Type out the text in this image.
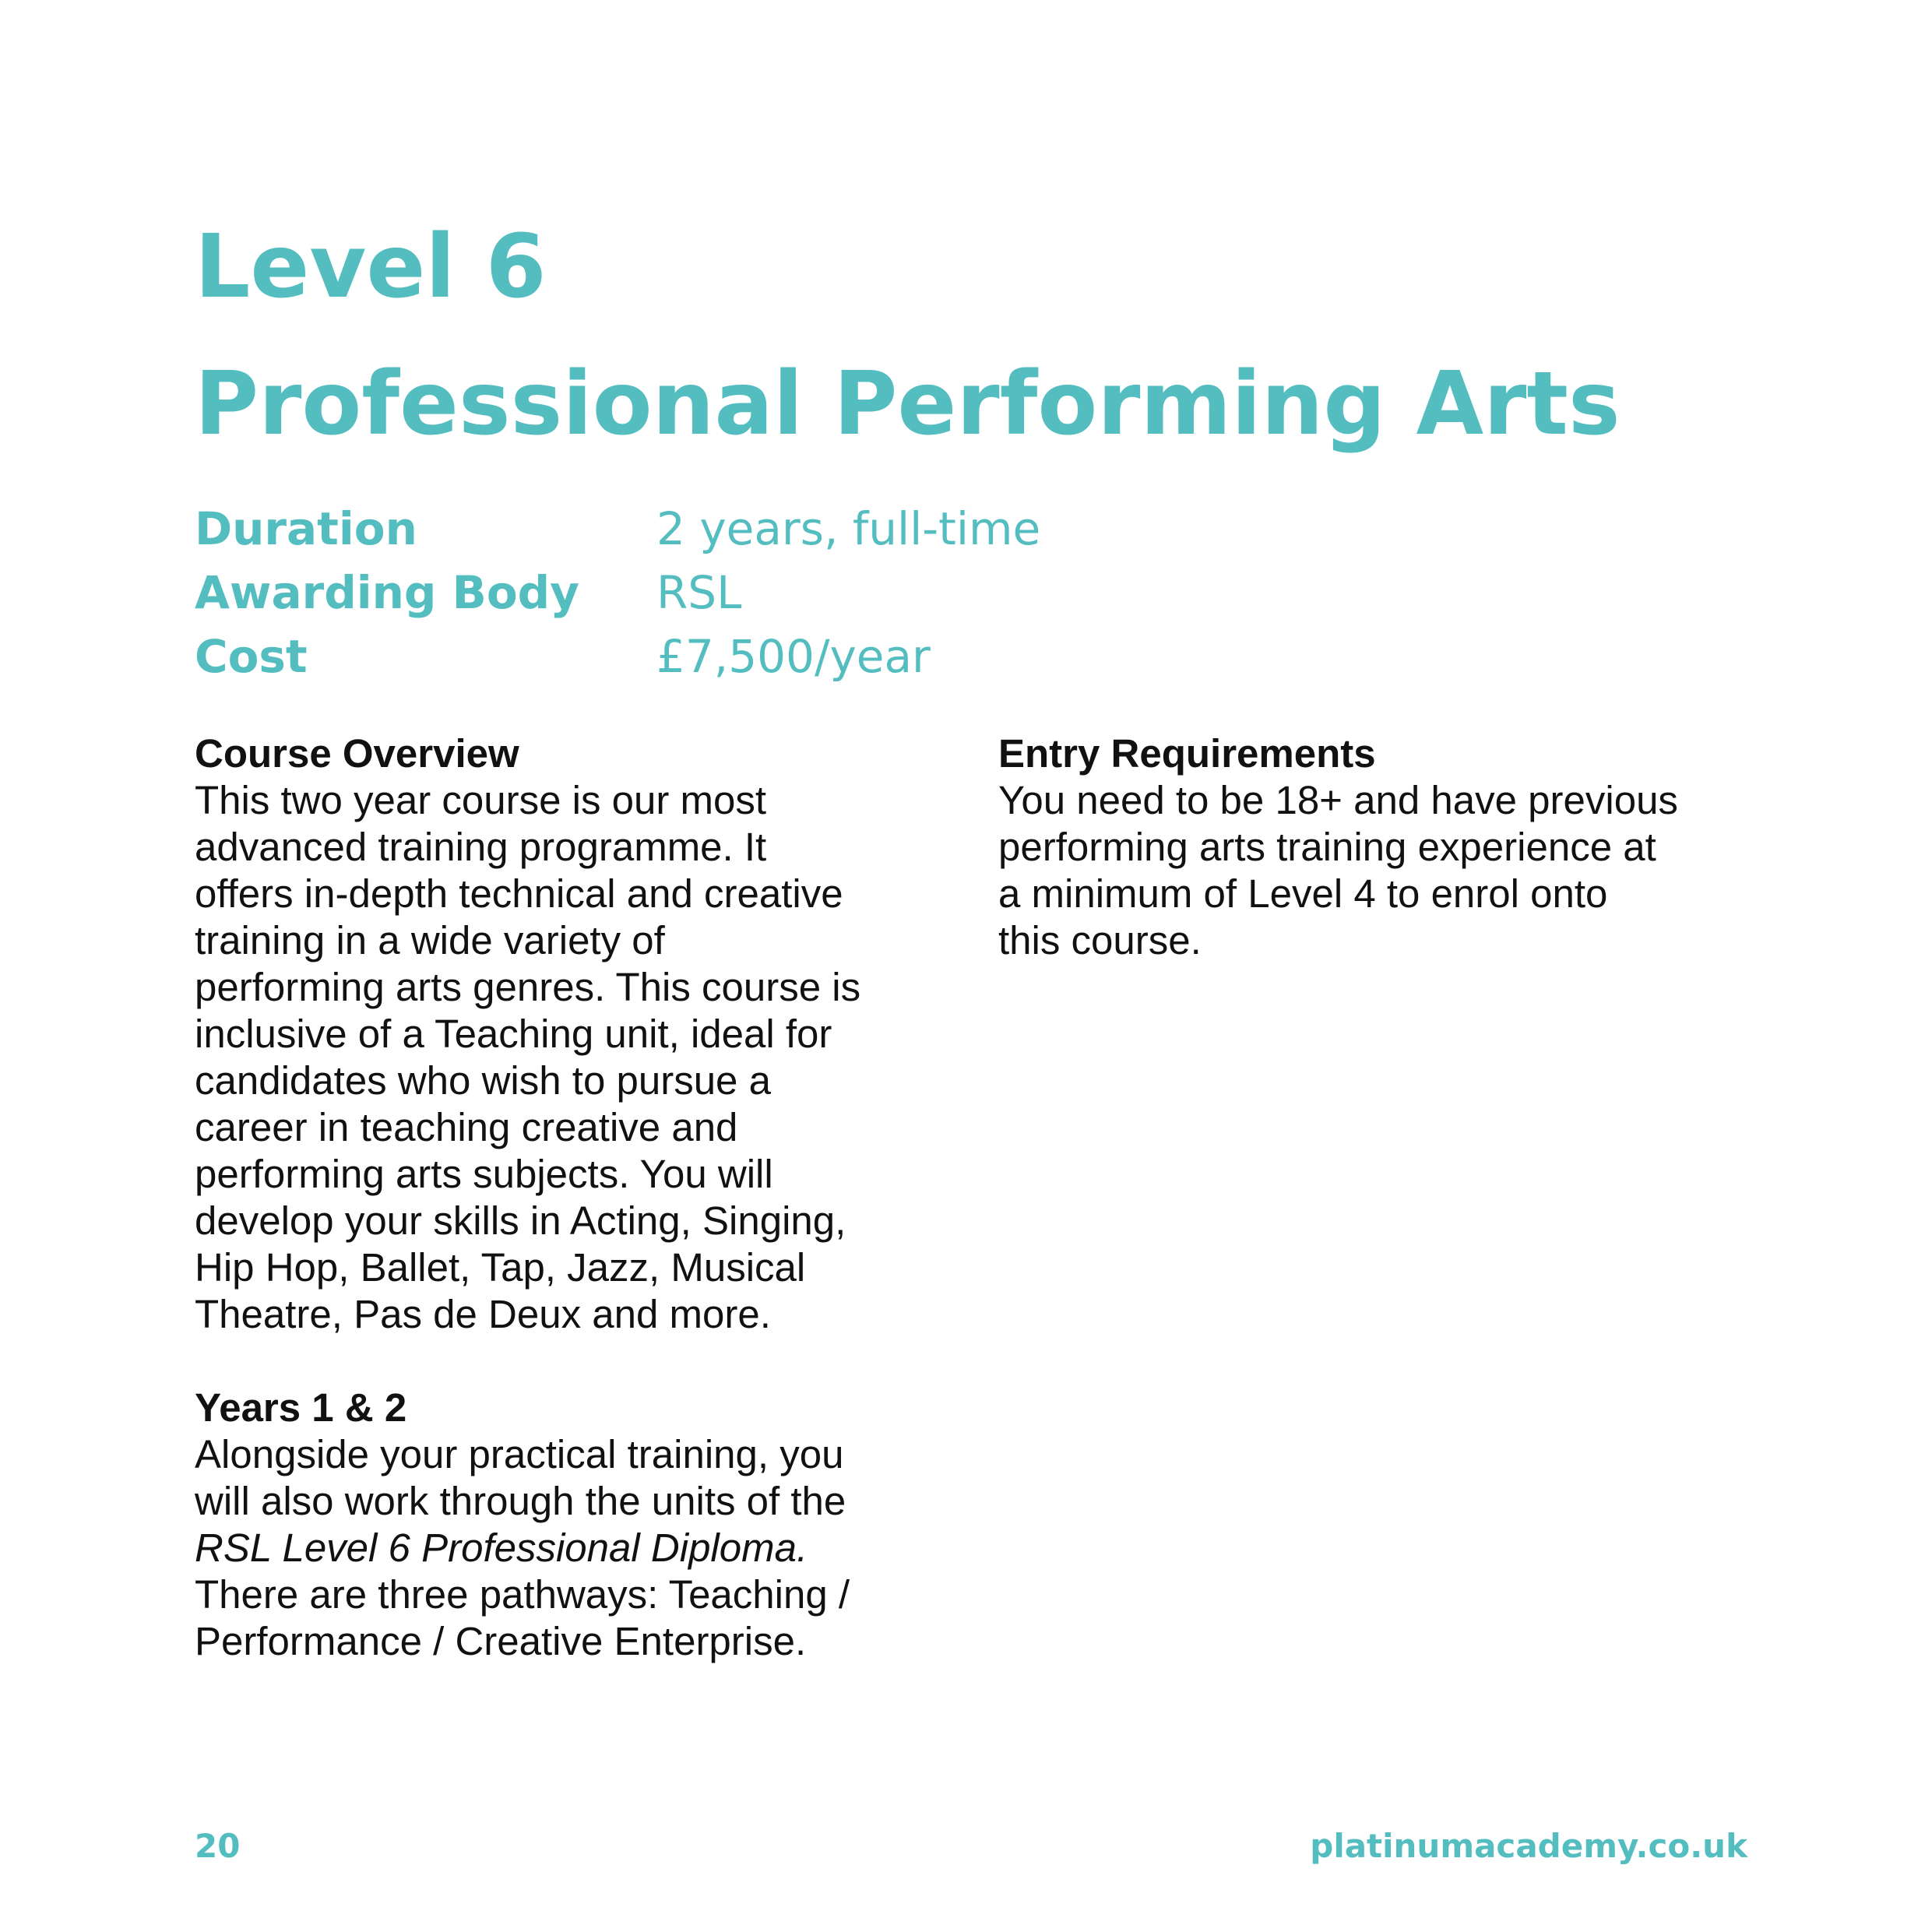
Level 6
Professional Performing Arts
Duration	2 years, full-time
Awarding Body	RSL
Cost	£7,500/year
Course Overview

This two year course is our most
advanced training programme. It
offers in-depth technical and creative
training in a wide variety of
performing arts genres. This course is
inclusive of a Teaching unit, ideal for
candidates who wish to pursue a
career in teaching creative and
performing arts subjects. You will
develop your skills in Acting, Singing,
Hip Hop, Ballet, Tap, Jazz, Musical
Theatre, Pas de Deux and more.

Years 1 & 2

Alongside your practical training, you
will also work through the units of the
RSL Level 6 Professional Diploma.
There are three pathways: Teaching /
Performance / Creative Enterprise.

Entry Requirements

You need to be 18+ and have previous
performing arts training experience at
a minimum of Level 4 to enrol onto
this course.

20	platinumacademy.co.uk
